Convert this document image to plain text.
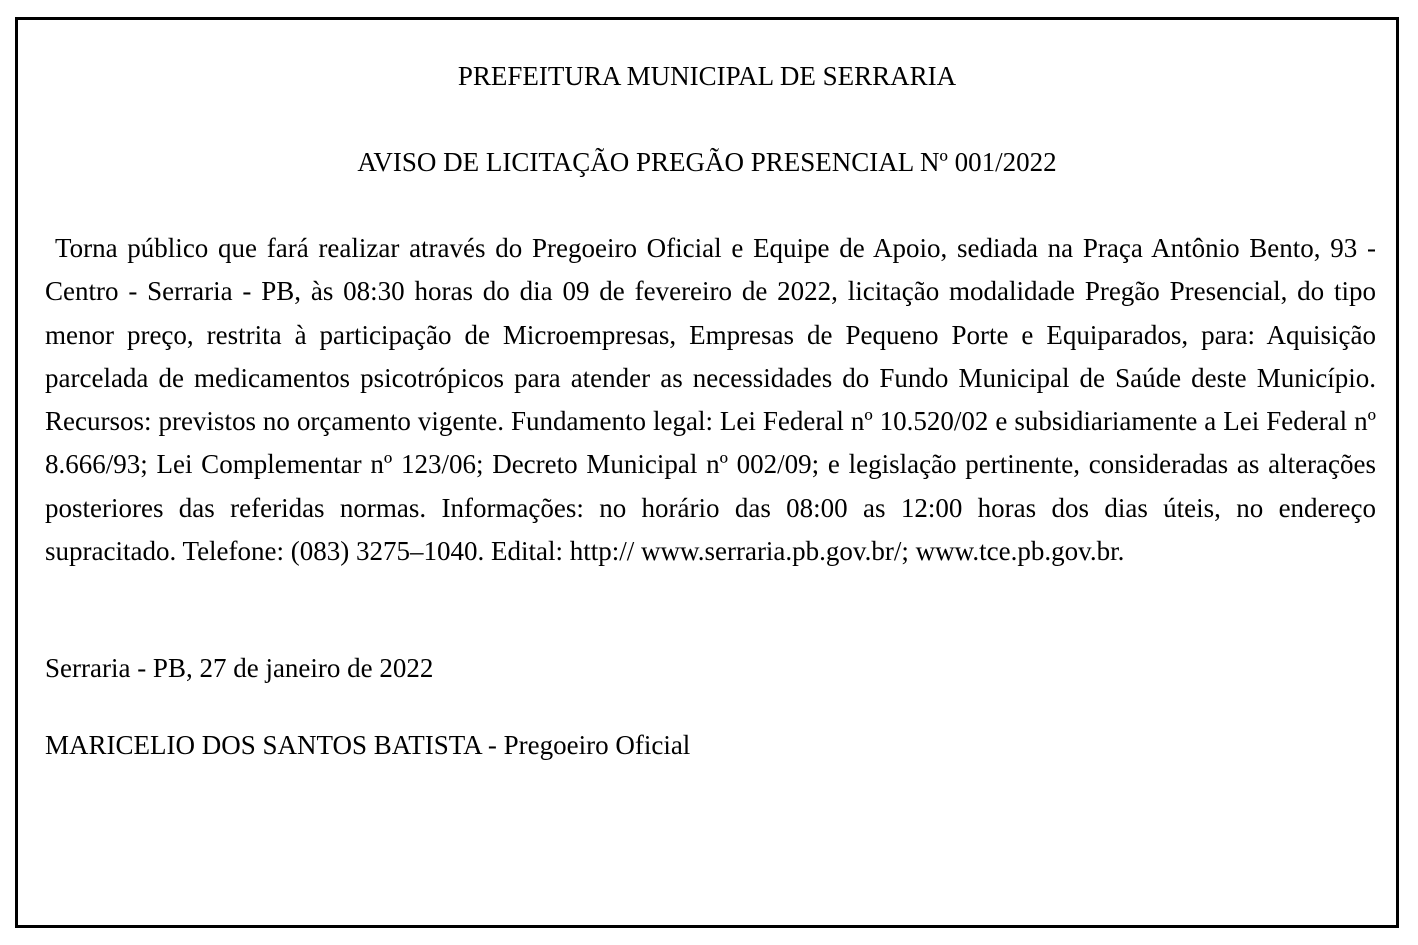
PREFEITURA MUNICIPAL DE SERRARIA
AVISO DE LICITAÇÃO PREGÃO PRESENCIAL Nº 001/2022

Torna público que fará realizar através do Pregoeiro Oficial e Equipe de Apoio, sediada na Praça Antônio Bento, 93 - Centro - Serraria - PB, às 08:30 horas do dia 09 de fevereiro de 2022, licitação modalidade Pregão Presencial, do tipo menor preço, restrita à participação de Microempresas, Empresas de Pequeno Porte e Equiparados, para: Aquisição parcelada de medicamentos psicotrópicos para atender as necessidades do Fundo Municipal de Saúde deste Município. Recursos: previstos no orçamento vigente. Fundamento legal: Lei Federal nº 10.520/02 e subsidiariamente a Lei Federal nº 8.666/93; Lei Complementar nº 123/06; Decreto Municipal nº 002/09; e legislação pertinente, consideradas as alterações posteriores das referidas normas. Informações: no horário das 08:00 as 12:00 horas dos dias úteis, no endereço supracitado. Telefone: (083) 3275–1040. Edital: http:// www.serraria.pb.gov.br/; www.tce.pb.gov.br.

Serraria - PB, 27 de janeiro de 2022

MARICELIO DOS SANTOS BATISTA - Pregoeiro Oficial
